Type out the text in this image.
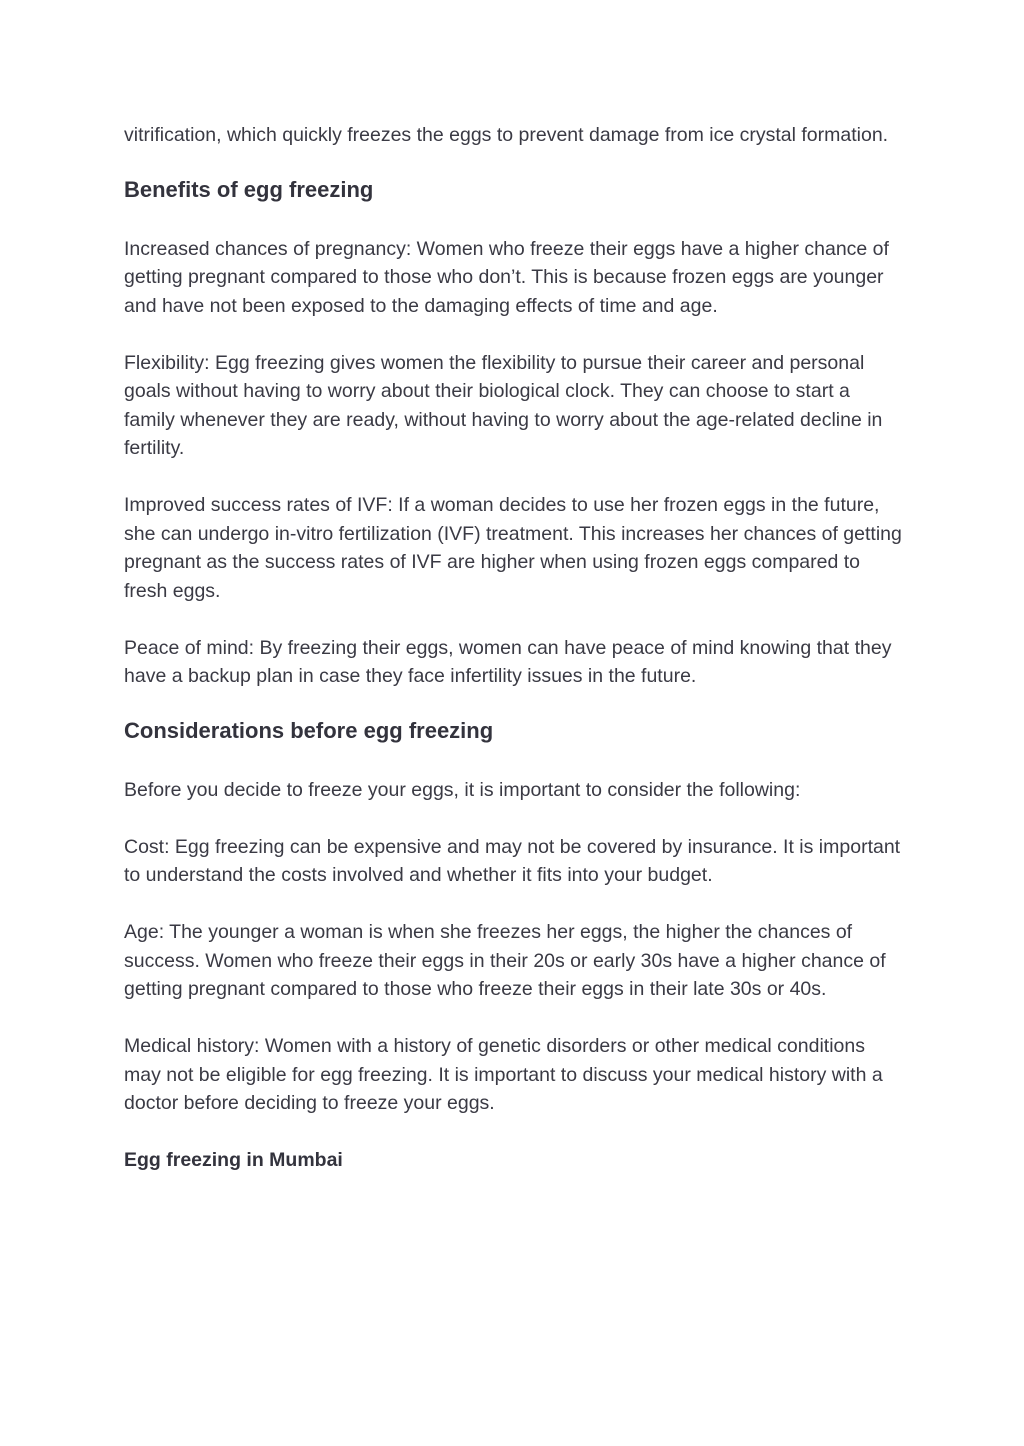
vitrification, which quickly freezes the eggs to prevent damage from ice crystal formation.

Benefits of egg freezing

Increased chances of pregnancy: Women who freeze their eggs have a higher chance of getting pregnant compared to those who don’t. This is because frozen eggs are younger and have not been exposed to the damaging effects of time and age.

Flexibility: Egg freezing gives women the flexibility to pursue their career and personal goals without having to worry about their biological clock. They can choose to start a family whenever they are ready, without having to worry about the age-related decline in fertility.

Improved success rates of IVF: If a woman decides to use her frozen eggs in the future, she can undergo in-vitro fertilization (IVF) treatment. This increases her chances of getting pregnant as the success rates of IVF are higher when using frozen eggs compared to fresh eggs.

Peace of mind: By freezing their eggs, women can have peace of mind knowing that they have a backup plan in case they face infertility issues in the future.

Considerations before egg freezing

Before you decide to freeze your eggs, it is important to consider the following:

Cost: Egg freezing can be expensive and may not be covered by insurance. It is important to understand the costs involved and whether it fits into your budget.

Age: The younger a woman is when she freezes her eggs, the higher the chances of success. Women who freeze their eggs in their 20s or early 30s have a higher chance of getting pregnant compared to those who freeze their eggs in their late 30s or 40s.

Medical history: Women with a history of genetic disorders or other medical conditions may not be eligible for egg freezing. It is important to discuss your medical history with a doctor before deciding to freeze your eggs.

Egg freezing in Mumbai
